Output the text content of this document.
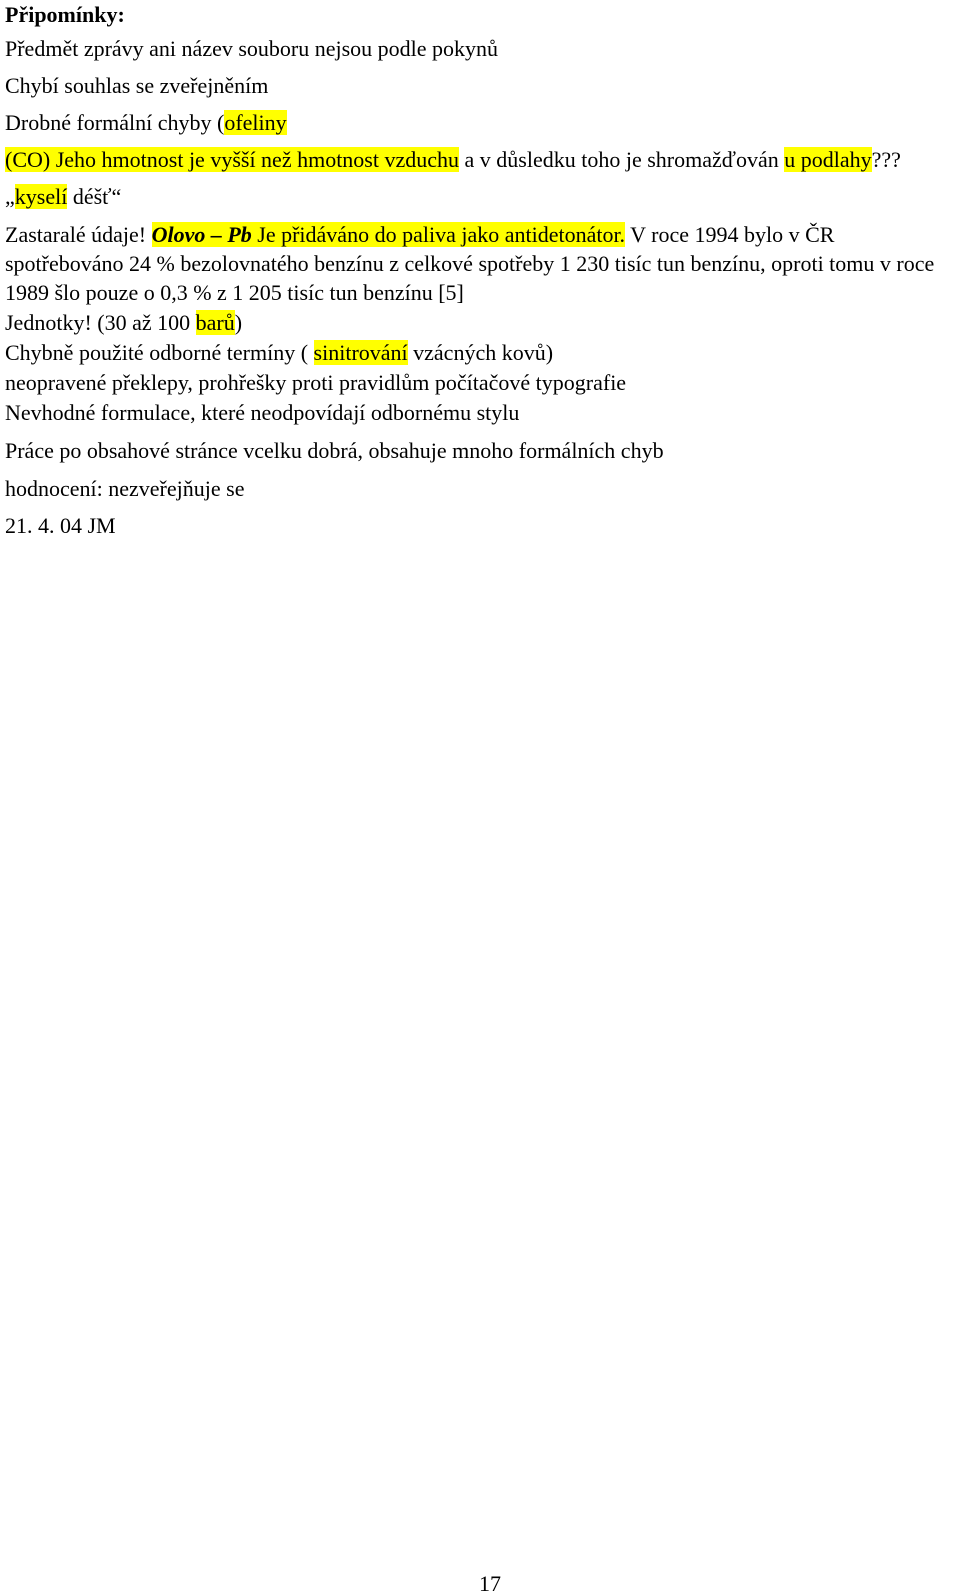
Připomínky:

Předmět zprávy ani název souboru nejsou podle pokynů

Chybí souhlas se zveřejněním

Drobné formální chyby (ofeliny

(CO) Jeho hmotnost je vyšší než hmotnost vzduchu a v důsledku toho je shromažďován u podlahy???

„kyselí déšť“

Zastaralé údaje! Olovo – Pb Je přidáváno do paliva jako antidetonátor. V roce 1994 bylo v ČR spotřebováno 24 % bezolovnatého benzínu z celkové spotřeby 1 230 tisíc tun benzínu, oproti tomu v roce 1989 šlo pouze o 0,3 % z 1 205 tisíc tun benzínu [5]

Jednotky! (30 až 100 barů)

Chybně použité odborné termíny ( sinitrování vzácných kovů)

neopravené překlepy, prohřešky proti pravidlům počítačové typografie

Nevhodné formulace, které neodpovídají odbornému stylu

Práce po obsahové stránce vcelku dobrá, obsahuje mnoho formálních chyb

hodnocení: nezveřejňuje se

21. 4. 04 JM

17
